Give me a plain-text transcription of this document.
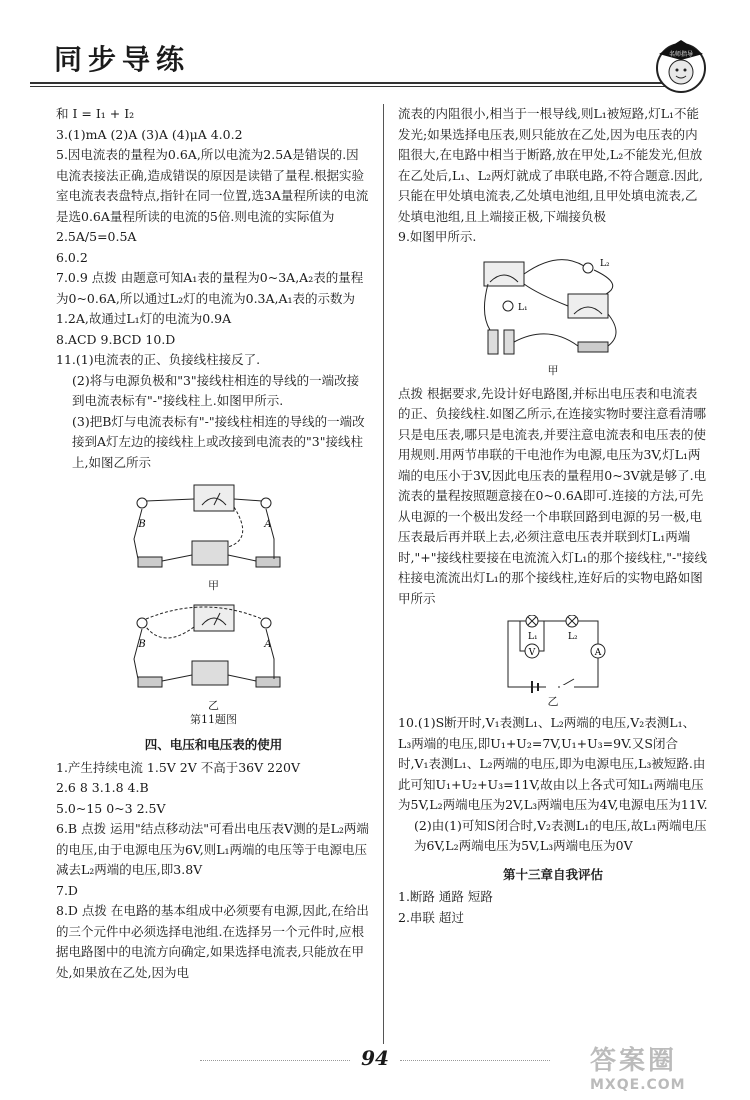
同步导练	名师指导

和 I = I₁ + I₂

3.(1)mA (2)A (3)A (4)μA 4.0.2

5.因电流表的量程为0.6A,所以电流为2.5A是错误的.因电流表接法正确,造成错误的原因是读错了量程.根据实验室电流表表盘特点,指针在同一位置,选3A量程所读的电流是选0.6A量程所读的电流的5倍.则电流的实际值为2.5A/5=0.5A

6.0.2

7.0.9 点拨 由题意可知A₁表的量程为0~3A,A₂表的量程为0~0.6A,所以通过L₂灯的电流为0.3A,A₁表的示数为1.2A,故通过L₁灯的电流为0.9A

8.ACD 9.BCD 10.D

11.(1)电流表的正、负接线柱接反了.

(2)将与电源负极和"3"接线柱相连的导线的一端改接到电流表标有"-"接线柱上.如图甲所示.

(3)把B灯与电流表标有"-"接线柱相连的导线的一端改接到A灯左边的接线柱上或改接到电流表的"3"接线柱上,如图乙所示

B	A
甲
B	A
乙
第11题图
四、电压和电压表的使用

1.产生持续电流 1.5V 2V 不高于36V 220V

2.6 8 3.1.8 4.B

5.0~15 0~3 2.5V

6.B 点拨 运用"结点移动法"可看出电压表V测的是L₂两端的电压,由于电源电压为6V,则L₁两端的电压等于电源电压减去L₂两端的电压,即3.8V

7.D

8.D 点拨 在电路的基本组成中必须要有电源,因此,在给出的三个元件中必须选择电池组.在选择另一个元件时,应根据电路图中的电流方向确定,如果选择电流表,只能放在甲处,如果放在乙处,因为电

流表的内阻很小,相当于一根导线,则L₁被短路,灯L₁不能发光;如果选择电压表,则只能放在乙处,因为电压表的内阻很大,在电路中相当于断路,放在甲处,L₂不能发光,但放在乙处后,L₁、L₂两灯就成了串联电路,不符合题意.因此,只能在甲处填电流表,乙处填电池组,且甲处填电流表,乙处填电池组,且上端接正极,下端接负极

9.如图甲所示.

L₂
L₁
甲

点拨 根据要求,先设计好电路图,并标出电压表和电流表的正、负接线柱.如图乙所示,在连接实物时要注意看清哪只是电压表,哪只是电流表,并要注意电流表和电压表的使用规则.用两节串联的干电池作为电源,电压为3V,灯L₁两端的电压小于3V,因此电压表的量程用0~3V就是够了.电流表的量程按照题意接在0~0.6A即可.连接的方法,可先从电源的一个极出发经一个串联回路到电源的另一极,电压表最后再并联上去,必须注意电压表并联到灯L₁两端时,"+"接线柱要接在电流流入灯L₁的那个接线柱,"-"接线柱接电流流出灯L₁的那个接线柱,连好后的实物电路如图甲所示

L₁	L₂
V	A
乙

10.(1)S断开时,V₁表测L₁、L₂两端的电压,V₂表测L₁、L₃两端的电压,即U₁+U₂=7V,U₁+U₃=9V.又S闭合时,V₁表测L₁、L₂两端的电压,即为电源电压,L₃被短路.由此可知U₁+U₂+U₃=11V,故由以上各式可知L₁两端电压为5V,L₂两端电压为2V,L₃两端电压为4V,电源电压为11V.

(2)由(1)可知S闭合时,V₂表测L₁的电压,故L₁两端电压为6V,L₂两端电压为5V,L₃两端电压为0V

第十三章自我评估

1.断路 通路 短路

2.串联 超过

94	答案圈
MXQE.COM
